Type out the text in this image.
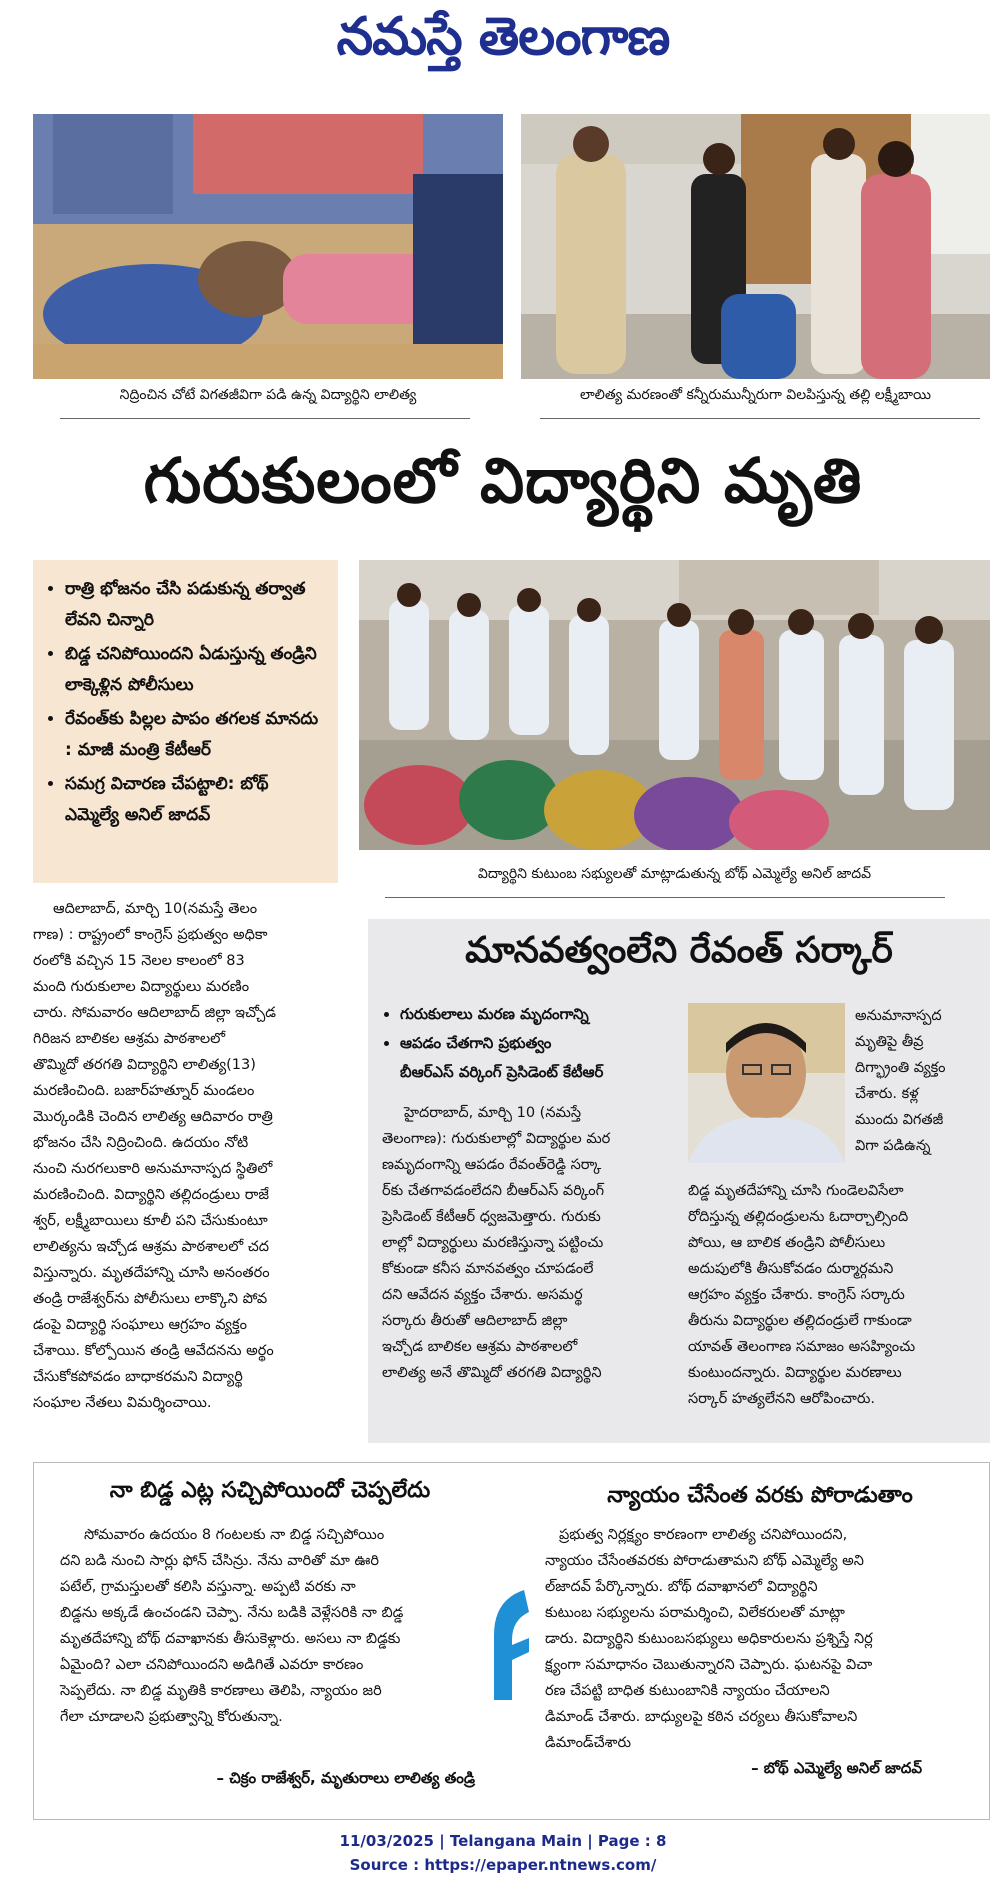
నమస్తే తెలంగాణ
నిద్రించిన చోటే విగతజీవిగా పడి ఉన్న విద్యార్థిని లాలిత్య	లాలిత్య మరణంతో కన్నీరుమున్నీరుగా విలపిస్తున్న తల్లి లక్ష్మీబాయి
గురుకులంలో విద్యార్థిని మృతి
• రాత్రి భోజనం చేసి పడుకున్న తర్వాత లేవని చిన్నారి
• బిడ్డ చనిపోయిందని ఏడుస్తున్న తండ్రిని లాక్కెళ్లిన పోలీసులు
• రేవంత్‌కు పిల్లల పాపం తగలక మానదు : మాజీ మంత్రి కేటీఆర్
• సమగ్ర విచారణ చేపట్టాలి: బోథ్ ఎమ్మెల్యే అనిల్ జాదవ్
విద్యార్థిని కుటుంబ సభ్యులతో మాట్లాడుతున్న బోథ్ ఎమ్మెల్యే అనిల్ జాదవ్
ఆదిలాబాద్, మార్చి 10(నమస్తే తెలం
గాణ) : రాష్ట్రంలో కాంగ్రెస్ ప్రభుత్వం అధికా
రంలోకి వచ్చిన 15 నెలల కాలంలో 83
మంది గురుకులాల విద్యార్థులు మరణిం
చారు. సోమవారం ఆదిలాబాద్ జిల్లా ఇచ్చోడ
గిరిజన బాలికల ఆశ్రమ పాఠశాలలో
తొమ్మిదో తరగతి విద్యార్థిని లాలిత్య(13)
మరణించింది. బజార్‌హత్నూర్ మండలం
మొర్కండికి చెందిన లాలిత్య ఆదివారం రాత్రి
భోజనం చేసి నిద్రించింది. ఉదయం నోటి
నుంచి నురగలుకారి అనుమానాస్పద స్థితిలో
మరణించింది. విద్యార్థిని తల్లిదండ్రులు రాజే
శ్వర్, లక్ష్మీబాయిలు కూలీ పని చేసుకుంటూ
లాలిత్యను ఇచ్చోడ ఆశ్రమ పాఠశాలలో చద
విస్తున్నారు. మృతదేహాన్ని చూసి అనంతరం
తండ్రి రాజేశ్వర్‌ను పోలీసులు లాక్కొని పోవ
డంపై విద్యార్థి సంఘాలు ఆగ్రహం వ్యక్తం
చేశాయి. కోల్పోయిన తండ్రి ఆవేదనను అర్థం
చేసుకోకపోవడం బాధాకరమని విద్యార్థి
సంఘాల నేతలు విమర్శించాయి.
మానవత్వంలేని రేవంత్ సర్కార్
• గురుకులాలు మరణ మృదంగాన్ని
• ఆపడం చేతగాని ప్రభుత్వం
బీఆర్‌ఎస్ వర్కింగ్ ప్రెసిడెంట్ కేటీఆర్
అనుమానాస్పద
మృతిపై తీవ్ర
దిగ్భ్రాంతి వ్యక్తం
చేశారు. కళ్ల
ముందు విగతజీ
విగా పడిఉన్న
హైదరాబాద్, మార్చి 10 (నమస్తే
తెలంగాణ): గురుకులాల్లో విద్యార్థుల మర
ణమృదంగాన్ని ఆపడం రేవంత్‌రెడ్డి సర్కా
ర్‌కు చేతగావడంలేదని బీఆర్‌ఎస్ వర్కింగ్
ప్రెసిడెంట్ కేటీఆర్ ధ్వజమెత్తారు. గురుకు
లాల్లో విద్యార్థులు మరణిస్తున్నా పట్టించు
కోకుండా కనీస మానవత్వం చూపడంలే
దని ఆవేదన వ్యక్తం చేశారు. అసమర్థ
సర్కారు తీరుతో ఆదిలాబాద్ జిల్లా
ఇచ్చోడ బాలికల ఆశ్రమ పాఠశాలలో
లాలిత్య అనే తొమ్మిదో తరగతి విద్యార్థిని
బిడ్డ మృతదేహాన్ని చూసి గుండెలవిసేలా
రోదిస్తున్న తల్లిదండ్రులను ఓదార్చాల్సింది
పోయి, ఆ బాలిక తండ్రిని పోలీసులు
అదుపులోకి తీసుకోవడం దుర్మార్గమని
ఆగ్రహం వ్యక్తం చేశారు. కాంగ్రెస్ సర్కారు
తీరును విద్యార్థుల తల్లిదండ్రులే గాకుండా
యావత్ తెలంగాణ సమాజం అసహ్యించు
కుంటుందన్నారు. విద్యార్థుల మరణాలు
సర్కార్ హత్యలేనని ఆరోపించారు.
నా బిడ్డ ఎట్ల సచ్చిపోయిందో చెప్పలేదు
సోమవారం ఉదయం 8 గంటలకు నా బిడ్డ సచ్చిపోయిం
దని బడి నుంచి సార్లు ఫోన్ చేసిన్రు. నేను వారితో మా ఊరి
పటేల్, గ్రామస్తులతో కలిసి వస్తున్నా. అప్పటి వరకు నా
బిడ్డను అక్కడే ఉంచండని చెప్పా. నేను బడికి వెళ్లేసరికి నా బిడ్డ
మృతదేహాన్ని బోథ్ దవాఖానకు తీసుకెళ్లారు. అసలు నా బిడ్డకు
ఏమైంది? ఎలా చనిపోయిందని అడిగితే ఎవరూ కారణం
సెప్పలేదు. నా బిడ్డ మృతికి కారణాలు తెలిపి, న్యాయం జరి
గేలా చూడాలని ప్రభుత్వాన్ని కోరుతున్నా.
– చిక్రం రాజేశ్వర్, మృతురాలు లాలిత్య తండ్రి
న్యాయం చేసేంత వరకు పోరాడుతాం
ప్రభుత్వ నిర్లక్ష్యం కారణంగా లాలిత్య చనిపోయిందని,
న్యాయం చేసేంతవరకు పోరాడుతామని బోథ్ ఎమ్మెల్యే అని
ల్‌జాదవ్ పేర్కొన్నారు. బోథ్ దవాఖానలో విద్యార్థిని
కుటుంబ సభ్యులను పరామర్శించి, విలేకరులతో మాట్లా
డారు. విద్యార్థిని కుటుంబసభ్యులు అధికారులను ప్రశ్నిస్తే నిర్ల
క్ష్యంగా సమాధానం చెబుతున్నారని చెప్పారు. ఘటనపై విచా
రణ చేపట్టి బాధిత కుటుంబానికి న్యాయం చేయాలని
డిమాండ్ చేశారు. బాధ్యులపై కఠిన చర్యలు తీసుకోవాలని
డిమాండ్‌చేశారు
– బోథ్ ఎమ్మెల్యే అనిల్ జాదవ్
11/03/2025 | Telangana Main | Page : 8
Source : https://epaper.ntnews.com/
